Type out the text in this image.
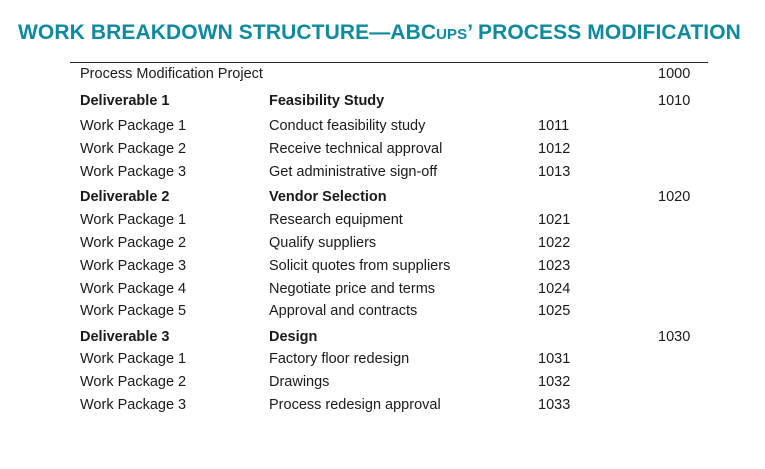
WORK BREAKDOWN STRUCTURE—ABCUPS’ PROCESS MODIFICATION
Process Modification Project	1000
Deliverable 1	Feasibility Study	1010
Work Package 1	Conduct feasibility study	1011
Work Package 2	Receive technical approval	1012
Work Package 3	Get administrative sign-off	1013
Deliverable 2	Vendor Selection	1020
Work Package 1	Research equipment	1021
Work Package 2	Qualify suppliers	1022
Work Package 3	Solicit quotes from suppliers	1023
Work Package 4	Negotiate price and terms	1024
Work Package 5	Approval and contracts	1025
Deliverable 3	Design	1030
Work Package 1	Factory floor redesign	1031
Work Package 2	Drawings	1032
Work Package 3	Process redesign approval	1033
